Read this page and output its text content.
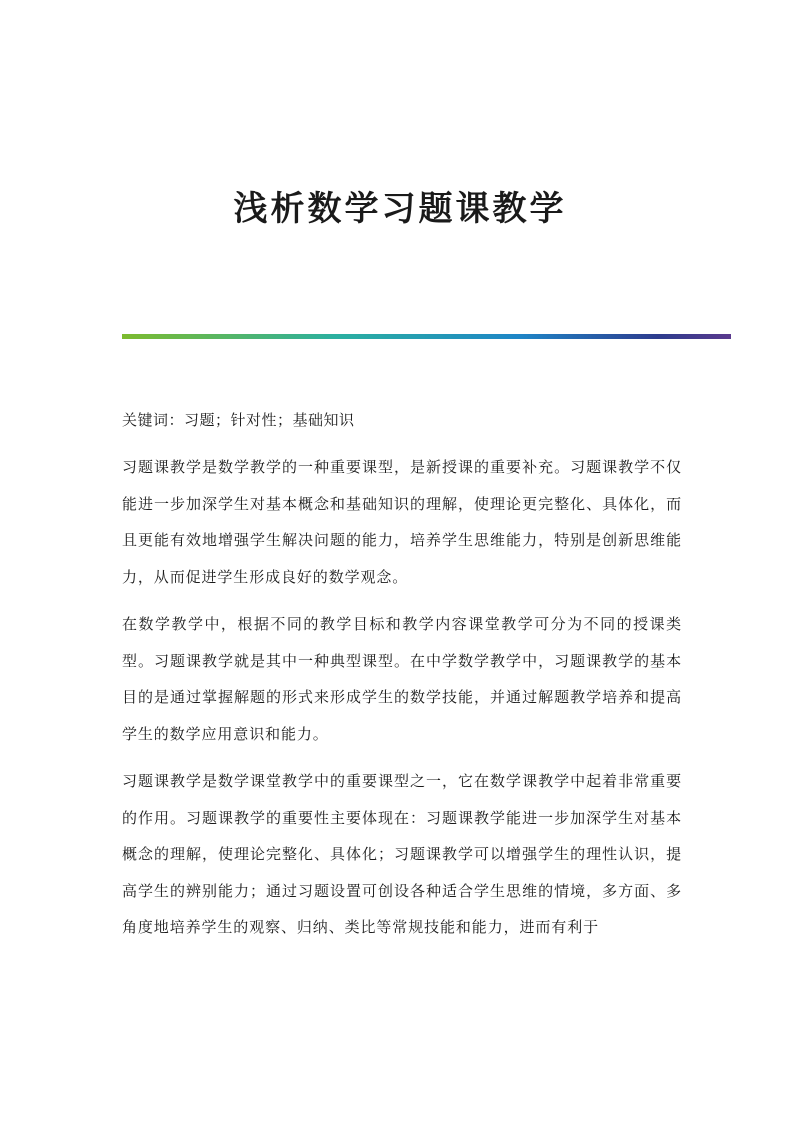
浅析数学习题课教学

关键词：习题；针对性；基础知识

习题课教学是数学教学的一种重要课型，是新授课的重要补充。习题课教学不仅能进一步加深学生对基本概念和基础知识的理解，使理论更完整化、具体化，而且更能有效地增强学生解决问题的能力，培养学生思维能力，特别是创新思维能力，从而促进学生形成良好的数学观念。

在数学教学中，根据不同的教学目标和教学内容课堂教学可分为不同的授课类型。习题课教学就是其中一种典型课型。在中学数学教学中，习题课教学的基本目的是通过掌握解题的形式来形成学生的数学技能，并通过解题教学培养和提高学生的数学应用意识和能力。

习题课教学是数学课堂教学中的重要课型之一，它在数学课教学中起着非常重要的作用。习题课教学的重要性主要体现在：习题课教学能进一步加深学生对基本概念的理解，使理论完整化、具体化；习题课教学可以增强学生的理性认识，提高学生的辨别能力；通过习题设置可创设各种适合学生思维的情境，多方面、多角度地培养学生的观察、归纳、类比等常规技能和能力，进而有利于
